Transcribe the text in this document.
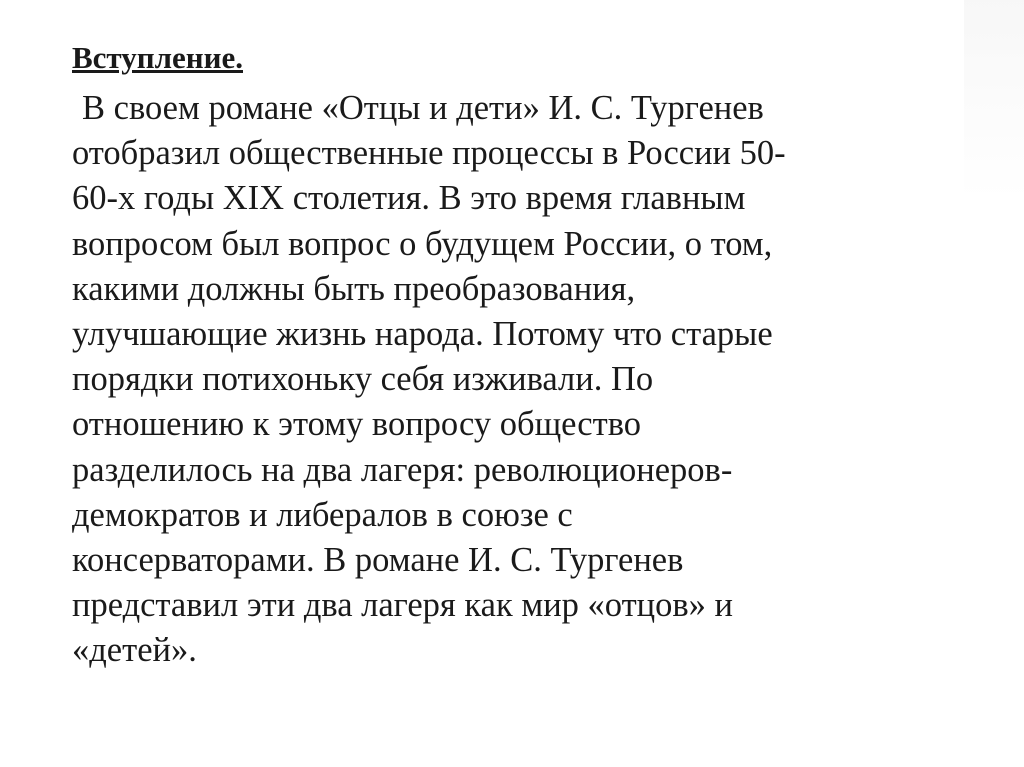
Вступление.

В своем романе «Отцы и дети» И. С. Тургенев

отобразил общественные процессы в России 50-

60-х годы XIX столетия. В это время главным

вопросом был вопрос о будущем России, о том,

какими должны быть преобразования,

улучшающие жизнь народа. Потому что старые

порядки потихоньку себя изживали. По

отношению к этому вопросу общество

разделилось на два лагеря: революционеров-

демократов и либералов в союзе с

консерваторами. В романе И. С. Тургенев

представил эти два лагеря как мир «отцов» и

«детей».
